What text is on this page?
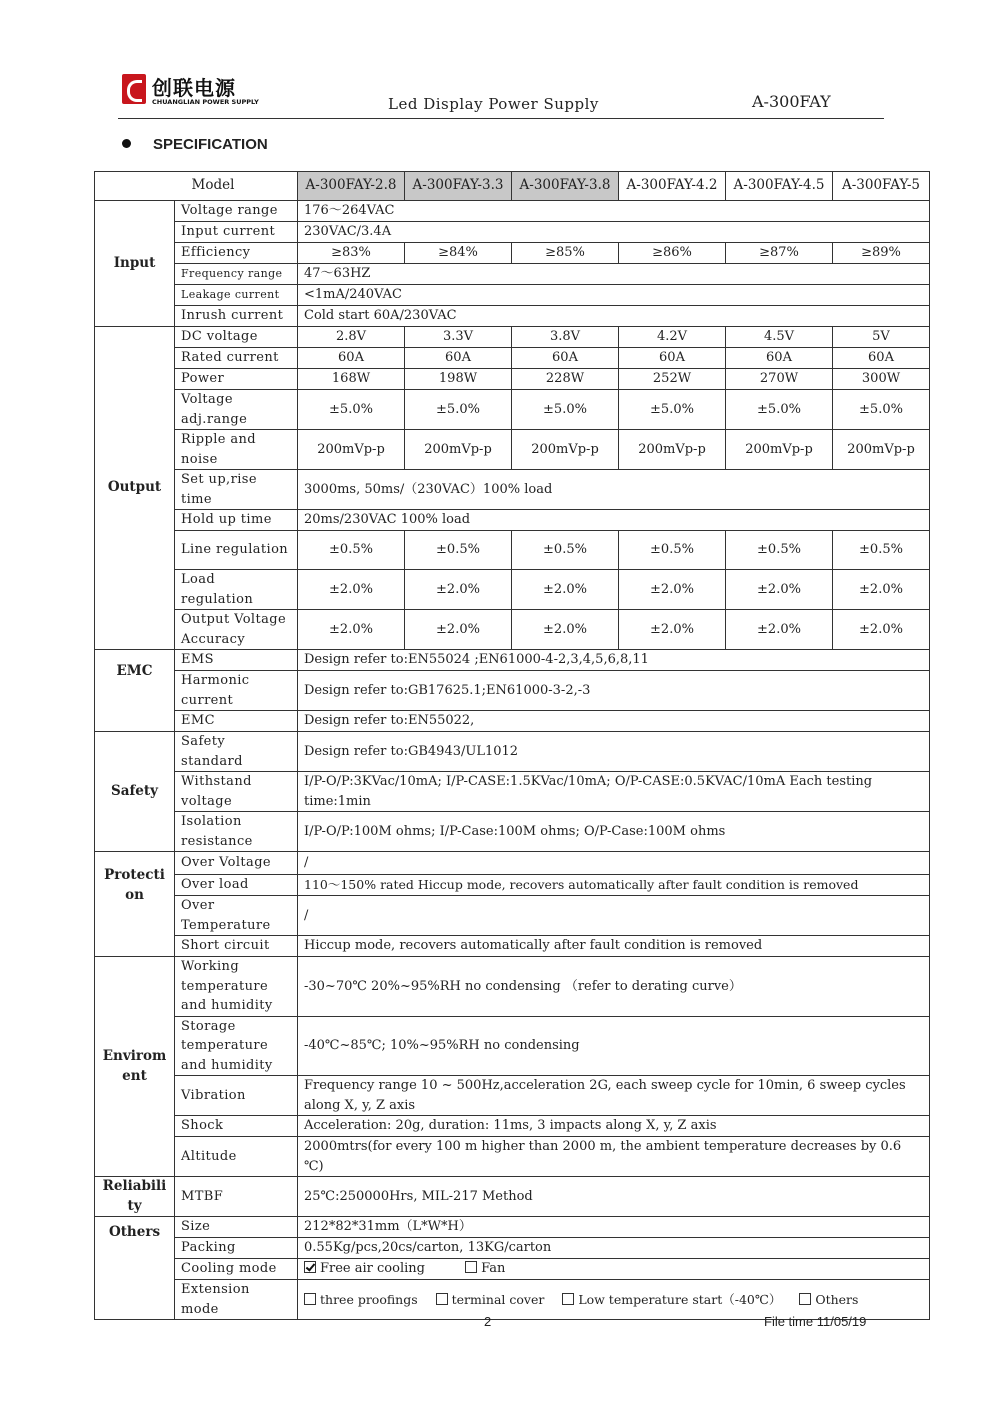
创联电源
CHUANGLIAN POWER SUPPLY	Led Display Power Supply	A-300FAY
SPECIFICATION
Model		A-300FAY-2.8	A-300FAY-3.3	A-300FAY-3.8	A-300FAY-4.2	A-300FAY-4.5	A-300FAY-5
Input	Voltage range	176～264VAC					
	Input current	230VAC/3.4A					
	Efficiency	≥83%	≥84%	≥85%	≥86%	≥87%	≥89%
	Frequency range	47～63HZ					
	Leakage current	<1mA/240VAC					
	Inrush current	Cold start 60A/230VAC					
Output	DC voltage	2.8V	3.3V	3.8V	4.2V	4.5V	5V
	Rated current	60A	60A	60A	60A	60A	60A
	Power	168W	198W	228W	252W	270W	300W
	Voltage adj.range	±5.0%	±5.0%	±5.0%	±5.0%	±5.0%	±5.0%
	Ripple and noise	200mVp-p	200mVp-p	200mVp-p	200mVp-p	200mVp-p	200mVp-p
	Set up,rise time	3000ms, 50ms/（230VAC）100% load					
	Hold up time	20ms/230VAC 100% load					
	Line regulation	±0.5%	±0.5%	±0.5%	±0.5%	±0.5%	±0.5%
	Load regulation	±2.0%	±2.0%	±2.0%	±2.0%	±2.0%	±2.0%
	Output Voltage Accuracy	±2.0%	±2.0%	±2.0%	±2.0%	±2.0%	±2.0%
EMC	EMS	Design refer to:EN55024 ;EN61000-4-2,3,4,5,6,8,11					
	Harmonic current	Design refer to:GB17625.1;EN61000-3-2,-3					
	EMC	Design refer to:EN55022,					
Safety	Safety standard	Design refer to:GB4943/UL1012					
	Withstand voltage	I/P-O/P:3KVac/10mA; I/P-CASE:1.5KVac/10mA; O/P-CASE:0.5KVAC/10mA Each testing time:1min					
	Isolation resistance	I/P-O/P:100M ohms; I/P-Case:100M ohms; O/P-Case:100M ohms					
Protection	Over Voltage	/					
	Over load	110～150% rated Hiccup mode, recovers automatically after fault condition is removed					
	Over Temperature	/					
	Short circuit	Hiccup mode, recovers automatically after fault condition is removed					
Enviroment	Working temperature and humidity	-30~70℃ 20%~95%RH no condensing （refer to derating curve）					
	Storage temperature and humidity	-40℃~85℃; 10%~95%RH no condensing					
	Vibration	Frequency range 10 ~ 500Hz,acceleration 2G, each sweep cycle for 10min, 6 sweep cycles along X, y, Z axis					
	Shock	Acceleration: 20g, duration: 11ms, 3 impacts along X, y, Z axis					
	Altitude	2000mtrs(for every 100 m higher than 2000 m, the ambient temperature decreases by 0.6 ℃)					
Reliability	MTBF	25℃:250000Hrs, MIL-217 Method					
Others	Size	212*82*31mm（L*W*H）					
	Packing	0.55Kg/pcs,20cs/carton, 13KG/carton					
	Cooling mode	Free air cooling Fan					
	Extension mode	three proofings terminal cover Low temperature start（-40℃） Others					
2	File time 11/05/19
